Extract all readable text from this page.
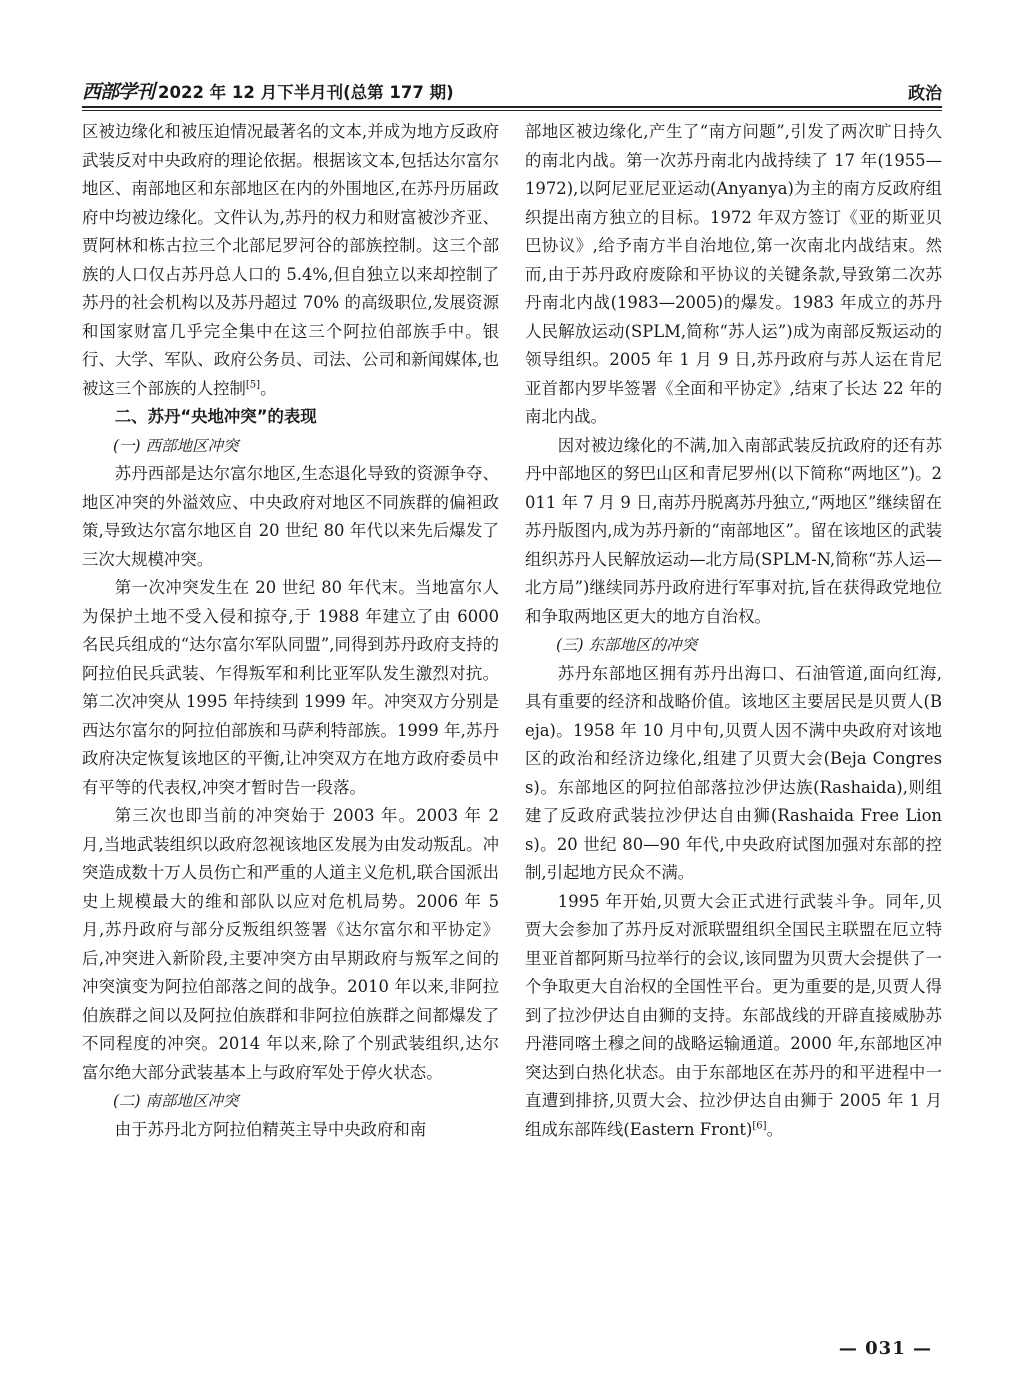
西部学刊 2022 年 12 月下半月刊(总第 177 期)	政治

区被边缘化和被压迫情况最著名的文本,并成为地方反政府武装反对中央政府的理论依据。根据该文本,包括达尔富尔地区、南部地区和东部地区在内的外围地区,在苏丹历届政府中均被边缘化。文件认为,苏丹的权力和财富被沙齐亚、贾阿林和栋古拉三个北部尼罗河谷的部族控制。这三个部族的人口仅占苏丹总人口的 5.4%,但自独立以来却控制了苏丹的社会机构以及苏丹超过 70% 的高级职位,发展资源和国家财富几乎完全集中在这三个阿拉伯部族手中。银行、大学、军队、政府公务员、司法、公司和新闻媒体,也被这三个部族的人控制[5]。

二、苏丹“央地冲突”的表现
(一) 西部地区冲突

苏丹西部是达尔富尔地区,生态退化导致的资源争夺、地区冲突的外溢效应、中央政府对地区不同族群的偏袒政策,导致达尔富尔地区自 20 世纪 80 年代以来先后爆发了三次大规模冲突。

第一次冲突发生在 20 世纪 80 年代末。当地富尔人为保护土地不受入侵和掠夺,于 1988 年建立了由 6000 名民兵组成的“达尔富尔军队同盟”,同得到苏丹政府支持的阿拉伯民兵武装、乍得叛军和利比亚军队发生激烈对抗。第二次冲突从 1995 年持续到 1999 年。冲突双方分别是西达尔富尔的阿拉伯部族和马萨利特部族。1999 年,苏丹政府决定恢复该地区的平衡,让冲突双方在地方政府委员中有平等的代表权,冲突才暂时告一段落。

第三次也即当前的冲突始于 2003 年。2003 年 2 月,当地武装组织以政府忽视该地区发展为由发动叛乱。冲突造成数十万人员伤亡和严重的人道主义危机,联合国派出史上规模最大的维和部队以应对危机局势。2006 年 5 月,苏丹政府与部分反叛组织签署《达尔富尔和平协定》后,冲突进入新阶段,主要冲突方由早期政府与叛军之间的冲突演变为阿拉伯部落之间的战争。2010 年以来,非阿拉伯族群之间以及阿拉伯族群和非阿拉伯族群之间都爆发了不同程度的冲突。2014 年以来,除了个别武装组织,达尔富尔绝大部分武装基本上与政府军处于停火状态。

(二) 南部地区冲突

由于苏丹北方阿拉伯精英主导中央政府和南

部地区被边缘化,产生了“南方问题”,引发了两次旷日持久的南北内战。第一次苏丹南北内战持续了 17 年(1955—1972),以阿尼亚尼亚运动(Anyanya)为主的南方反政府组织提出南方独立的目标。1972 年双方签订《亚的斯亚贝巴协议》,给予南方半自治地位,第一次南北内战结束。然而,由于苏丹政府废除和平协议的关键条款,导致第二次苏丹南北内战(1983—2005)的爆发。1983 年成立的苏丹人民解放运动(SPLM,简称“苏人运”)成为南部反叛运动的领导组织。2005 年 1 月 9 日,苏丹政府与苏人运在肯尼亚首都内罗毕签署《全面和平协定》,结束了长达 22 年的南北内战。

因对被边缘化的不满,加入南部武装反抗政府的还有苏丹中部地区的努巴山区和青尼罗州(以下简称“两地区”)。2011 年 7 月 9 日,南苏丹脱离苏丹独立,“两地区”继续留在苏丹版图内,成为苏丹新的“南部地区”。留在该地区的武装组织苏丹人民解放运动—北方局(SPLM-N,简称“苏人运—北方局”)继续同苏丹政府进行军事对抗,旨在获得政党地位和争取两地区更大的地方自治权。

(三) 东部地区的冲突

苏丹东部地区拥有苏丹出海口、石油管道,面向红海,具有重要的经济和战略价值。该地区主要居民是贝贾人(Beja)。1958 年 10 月中旬,贝贾人因不满中央政府对该地区的政治和经济边缘化,组建了贝贾大会(Beja Congress)。东部地区的阿拉伯部落拉沙伊达族(Rashaida),则组建了反政府武装拉沙伊达自由狮(Rashaida Free Lions)。20 世纪 80—90 年代,中央政府试图加强对东部的控制,引起地方民众不满。

1995 年开始,贝贾大会正式进行武装斗争。同年,贝贾大会参加了苏丹反对派联盟组织全国民主联盟在厄立特里亚首都阿斯马拉举行的会议,该同盟为贝贾大会提供了一个争取更大自治权的全国性平台。更为重要的是,贝贾人得到了拉沙伊达自由狮的支持。东部战线的开辟直接威胁苏丹港同喀土穆之间的战略运输通道。2000 年,东部地区冲突达到白热化状态。由于东部地区在苏丹的和平进程中一直遭到排挤,贝贾大会、拉沙伊达自由狮于 2005 年 1 月组成东部阵线(Eastern Front)[6]。

— 031 —
